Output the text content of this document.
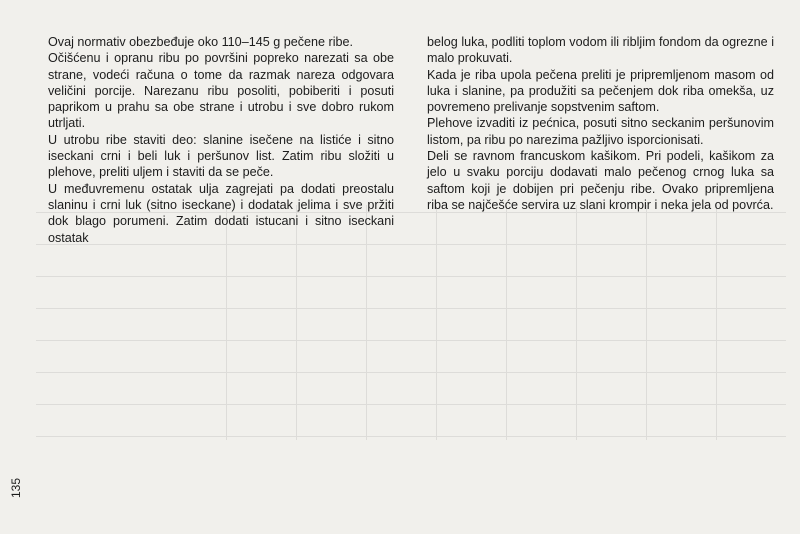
Ovaj normativ obezbeđuje oko 110–145 g pečene ribe.

Očišćenu i opranu ribu po površini popreko narezati sa obe strane, vodeći računa o tome da razmak nareza odgovara veličini porcije. Narezanu ribu posoliti, pobiberiti i posuti paprikom u prahu sa obe strane i utrobu i sve dobro rukom utrljati.

U utrobu ribe staviti deo: slanine isečene na listiće i sitno iseckani crni i beli luk i peršunov list. Zatim ribu složiti u plehove, preliti uljem i staviti da se peče.

U međuvremenu ostatak ulja zagrejati pa dodati preostalu slaninu i crni luk (sitno iseckane) i dodatak jelima i sve pržiti dok blago porumeni. Zatim dodati istucani i sitno iseckani ostatak

belog luka, podliti toplom vodom ili ribljim fondom da ogrezne i malo prokuvati.

Kada je riba upola pečena preliti je pripremljenom masom od luka i slanine, pa produžiti sa pečenjem dok riba omekša, uz povremeno prelivanje sopstvenim saftom.

Plehove izvaditi iz pećnica, posuti sitno seckanim peršunovim listom, pa ribu po narezima pažljivo isporcionisati.

Deli se ravnom francuskom kašikom. Pri podeli, kašikom za jelo u svaku porciju dodavati malo pečenog crnog luka sa saftom koji je dobijen pri pečenju ribe. Ovako pripremljena riba se najčešće servira uz slani krompir i neka jela od povrća.

135
